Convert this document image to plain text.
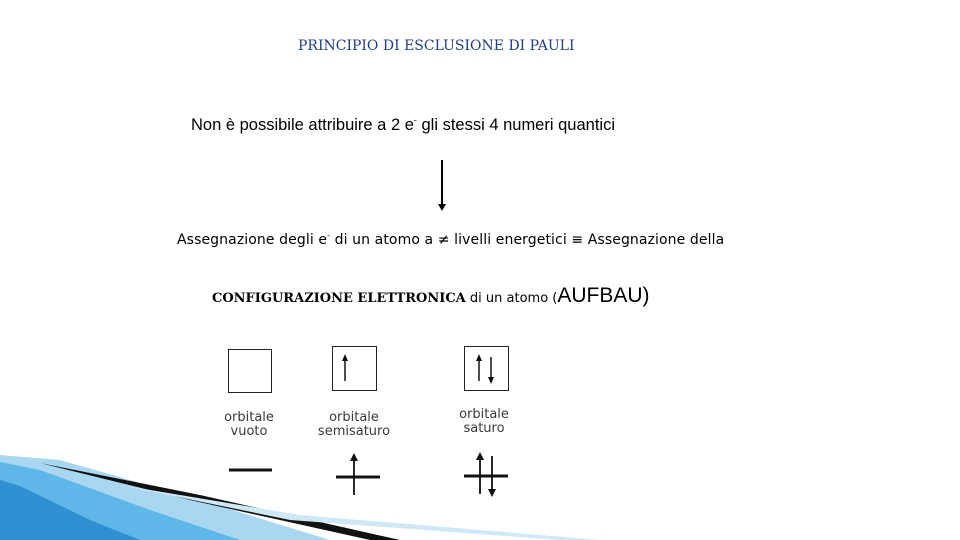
PRINCIPIO DI ESCLUSIONE DI PAULI
Non è possibile attribuire a 2 e- gli stessi 4 numeri quantici
Assegnazione degli e- di un atomo a ≠ livelli energetici ≡ Assegnazione della
CONFIGURAZIONE ELETTRONICA di un atomo (AUFBAU)
orbitale
vuoto
orbitale
semisaturo
orbitale
saturo
